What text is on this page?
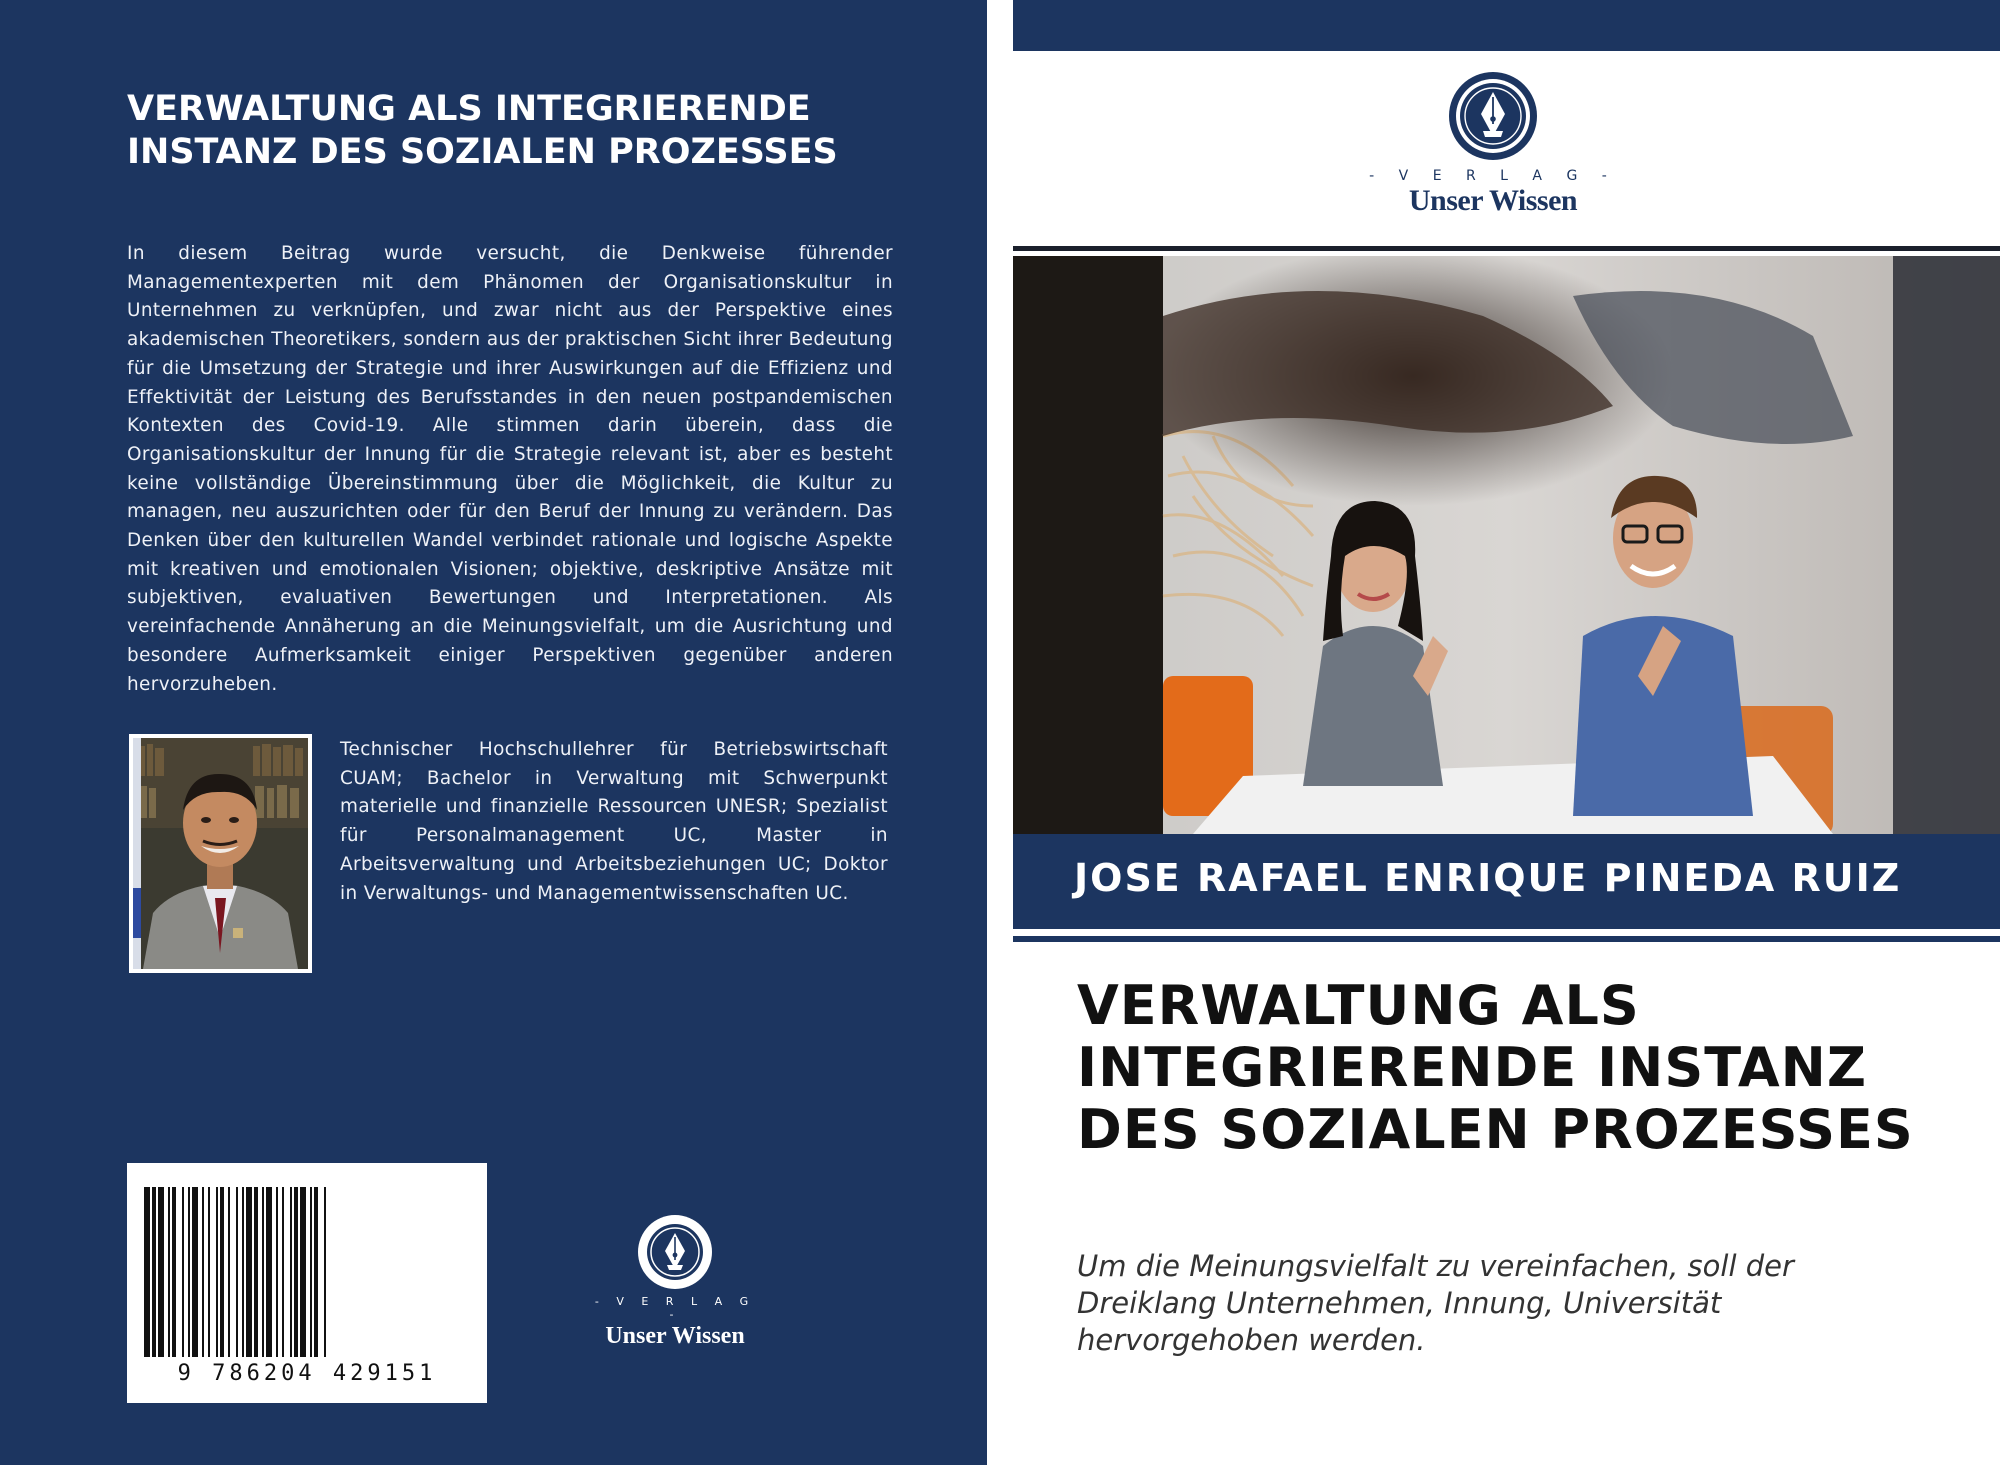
VERWALTUNG ALS INTEGRIERENDE INSTANZ DES SOZIALEN PROZESSES

In diesem Beitrag wurde versucht, die Denkweise führender Managementexperten mit dem Phänomen der Organisationskultur in Unternehmen zu verknüpfen, und zwar nicht aus der Perspektive eines akademischen Theoretikers, sondern aus der praktischen Sicht ihrer Bedeutung für die Umsetzung der Strategie und ihrer Auswirkungen auf die Effizienz und Effektivität der Leistung des Berufsstandes in den neuen postpandemischen Kontexten des Covid-19. Alle stimmen darin überein, dass die Organisationskultur der Innung für die Strategie relevant ist, aber es besteht keine vollständige Übereinstimmung über die Möglichkeit, die Kultur zu managen, neu auszurichten oder für den Beruf der Innung zu verändern. Das Denken über den kulturellen Wandel verbindet rationale und logische Aspekte mit kreativen und emotionalen Visionen; objektive, deskriptive Ansätze mit subjektiven, evaluativen Bewertungen und Interpretationen. Als vereinfachende Annäherung an die Meinungsvielfalt, um die Ausrichtung und besondere Aufmerksamkeit einiger Perspektiven gegenüber anderen hervorzuheben.

Technischer Hochschullehrer für Betriebswirtschaft CUAM; Bachelor in Verwaltung mit Schwerpunkt materielle und finanzielle Ressourcen UNESR; Spezialist für Personalmanagement UC, Master in Arbeitsverwaltung und Arbeitsbeziehungen UC; Doktor in Verwaltungs- und Managementwissenschaften UC.

9 786204 429151
- V E R L A G -
Unser Wissen
- V E R L A G -
Unser Wissen
JOSE RAFAEL ENRIQUE PINEDA RUIZ
VERWALTUNG ALS INTEGRIERENDE INSTANZ DES SOZIALEN PROZESSES

Um die Meinungsvielfalt zu vereinfachen, soll der Dreiklang Unternehmen, Innung, Universität hervorgehoben werden.
